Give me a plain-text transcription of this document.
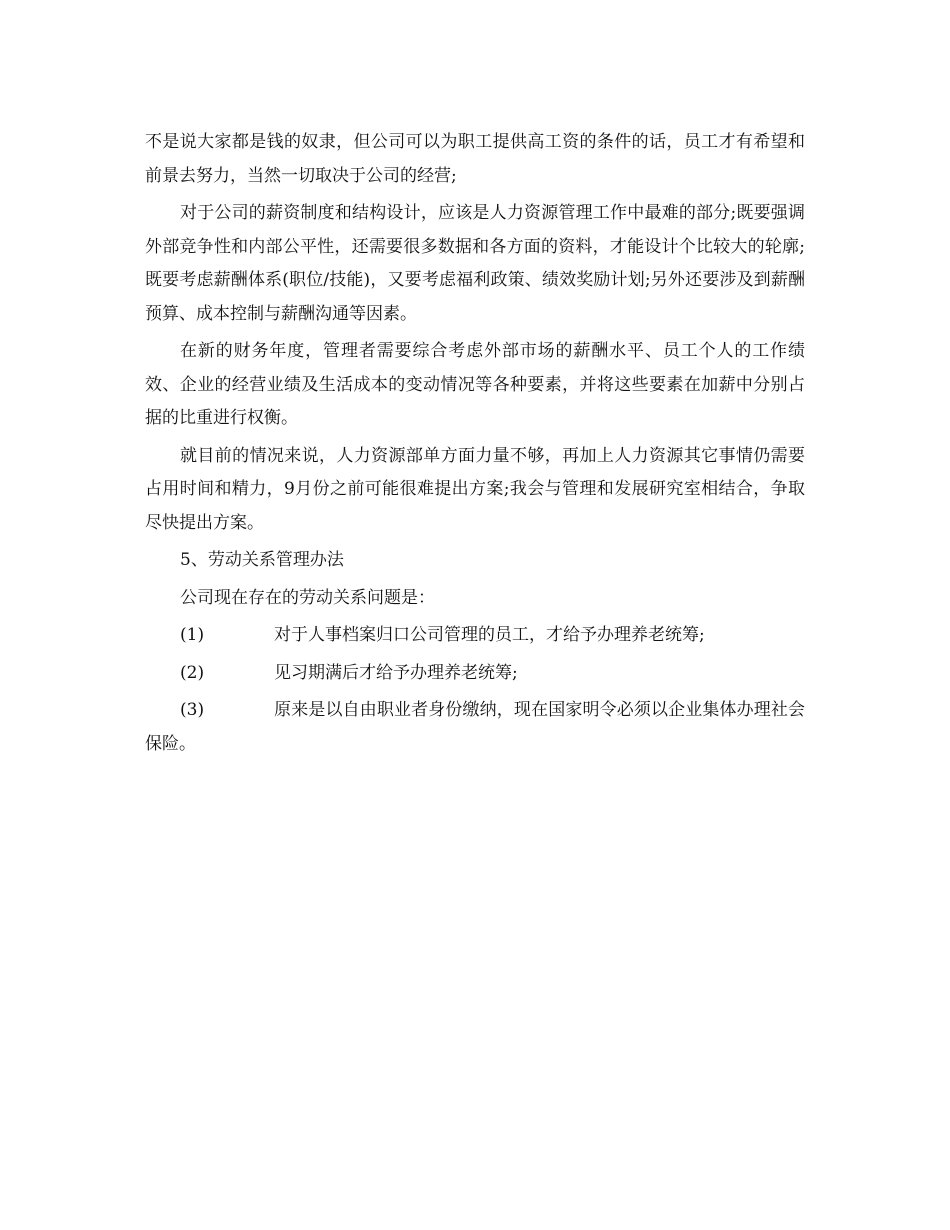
不是说大家都是钱的奴隶，但公司可以为职工提供高工资的条件的话，员工才有希望和前景去努力，当然一切取决于公司的经营;

对于公司的薪资制度和结构设计，应该是人力资源管理工作中最难的部分;既要强调外部竞争性和内部公平性，还需要很多数据和各方面的资料，才能设计个比较大的轮廓;既要考虑薪酬体系(职位/技能)，又要考虑福利政策、绩效奖励计划;另外还要涉及到薪酬预算、成本控制与薪酬沟通等因素。

在新的财务年度，管理者需要综合考虑外部市场的薪酬水平、员工个人的工作绩效、企业的经营业绩及生活成本的变动情况等各种要素，并将这些要素在加薪中分别占据的比重进行权衡。

就目前的情况来说，人力资源部单方面力量不够，再加上人力资源其它事情仍需要占用时间和精力，9月份之前可能很难提出方案;我会与管理和发展研究室相结合，争取尽快提出方案。

5、劳动关系管理办法

公司现在存在的劳动关系问题是：

(1)	对于人事档案归口公司管理的员工，才给予办理养老统筹;

(2)	见习期满后才给予办理养老统筹;

(3)	原来是以自由职业者身份缴纳，现在国家明令必须以企业集体办理社会保险。
